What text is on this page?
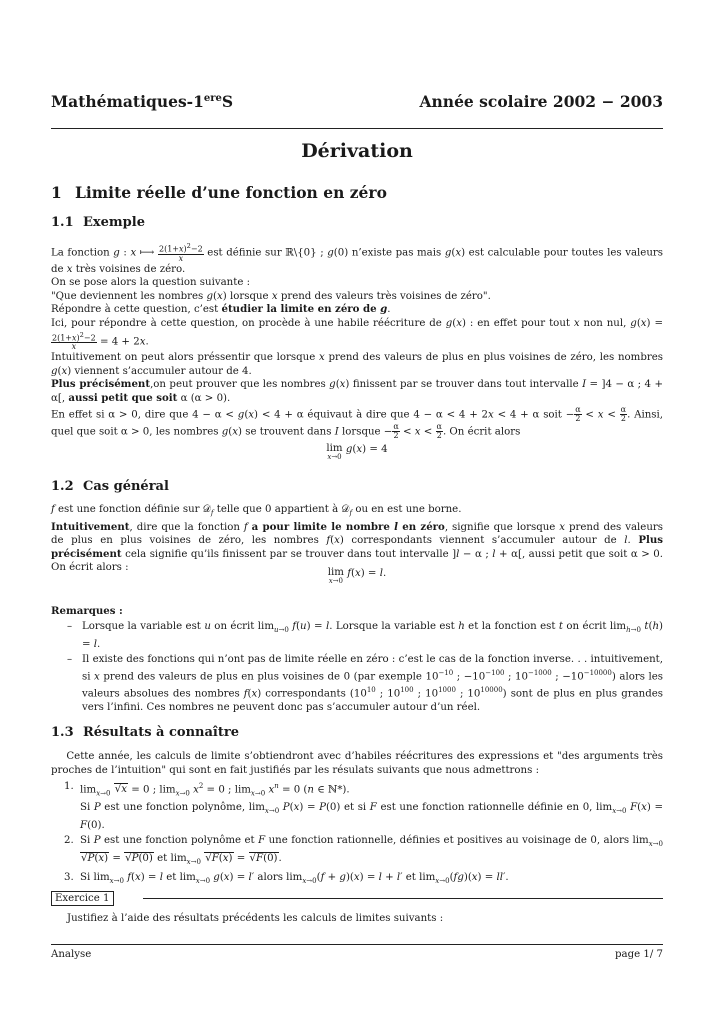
Mathématiques-1ereS	Année scolaire 2002 − 2003
Dérivation
1 Limite réelle d’une fonction en zéro
1.1 Exemple
La fonction g : x ⟼ $\frac{2(1+x)^2-2}{x}$ est définie sur ℝ\{0} ; g(0) n’existe pas mais g(x) est calculable pour toutes les valeurs de x très voisines de zéro.
On se pose alors la question suivante :
"Que deviennent les nombres g(x) lorsque x prend des valeurs très voisines de zéro".
Répondre à cette question, c’est étudier la limite en zéro de g.
Ici, pour répondre à cette question, on procède à une habile réécriture de g(x) : en effet pour tout x non nul, g(x) =
$\frac{2(1+x)^2-2}{x} = 4 + 2x$.
Intuitivement on peut alors préssentir que lorsque x prend des valeurs de plus en plus voisines de zéro, les nombres g(x) viennent s’accumuler autour de 4.
Plus précisément,on peut prouver que les nombres g(x) finissent par se trouver dans tout intervalle I = ]4 − α ; 4 + α[, aussi petit que soit α (α > 0).
En effet si α > 0, dire que 4 − α < g(x) < 4 + α équivaut à dire que 4 − α < 4 + 2x < 4 + α soit − $\frac{\alpha}{2} < x < \frac{\alpha}{2}$ . Ainsi, quel que soit α > 0, les nombres g(x) se trouvent dans I lorsque − $\frac{\alpha}{2} < x < \frac{\alpha}{2}$ . On écrit alors
lim
x→0
g(x) = 4
1.2 Cas général
f est une fonction définie sur 𝒟$_f$ telle que 0 appartient à 𝒟$_f$ ou en est une borne.
Intuitivement, dire que la fonction f a pour limite le nombre l en zéro, signifie que lorsque x prend des valeurs de plus en plus voisines de zéro, les nombres f(x) correspondants viennent s’accumuler autour de l. Plus précisément cela signifie qu’ils finissent par se trouver dans tout intervalle ]l − α ; l + α[, aussi petit que soit α > 0. On écrit alors :	lim
x→0
f(x) = l.
Remarques :
– Lorsque la variable est u on écrit $\lim_{u\to 0} f(u) = l$. Lorsque la variable est h et la fonction est t on écrit $\lim_{h\to 0} t(h) = l$.
– Il existe des fonctions qui n’ont pas de limite réelle en zéro : c’est le cas de la fonction inverse. . . intuitivement, si x prend des valeurs de plus en plus voisines de 0 (par exemple $10^{-10}$ ; $-10^{-100}$ ; $10^{-1000}$ ; $-10^{-10000}$) alors les valeurs absolues des nombres f(x) correspondants ($10^{10}$ ; $10^{100}$ ; $10^{1000}$ ; $10^{10000}$) sont de plus en plus grandes vers l’infini. Ces nombres ne peuvent donc pas s’accumuler autour d’un réel.
1.3 Résultats à connaître
Cette année, les calculs de limite s’obtiendront avec d’habiles réécritures des expressions et "des arguments très proches de l’intuition" qui sont en fait justifiés par les résulats suivants que nous admettrons :
1. $\lim_{x\to 0} √x = 0$ ; $\lim_{x\to 0} x^2 = 0$ ; $\lim_{x\to 0} x^n = 0$ (n ∈ ℕ*).
Si P est une fonction polynôme, $\lim_{x\to 0} P(x) = P(0)$ et si F est une fonction rationnelle définie en 0, $\lim_{x\to 0} F(x) = F(0)$.
2. Si P est une fonction polynôme et F une fonction rationnelle, définies et positives au voisinage de 0, alors $\lim_{x\to 0} √P(x) = √P(0)$ et $\lim_{x\to 0} √F(x) = √F(0)$.
3. Si $\lim_{x\to 0} f(x) = l$ et $\lim_{x\to 0} g(x) = l'$ alors $\lim_{x\to 0}(f + g)(x) = l + l'$ et $\lim_{x\to 0}(fg)(x) = ll'$.
Exercice 1
Justifiez à l’aide des résultats précédents les calculs de limites suivants :
Analyse	page 1/ 7
